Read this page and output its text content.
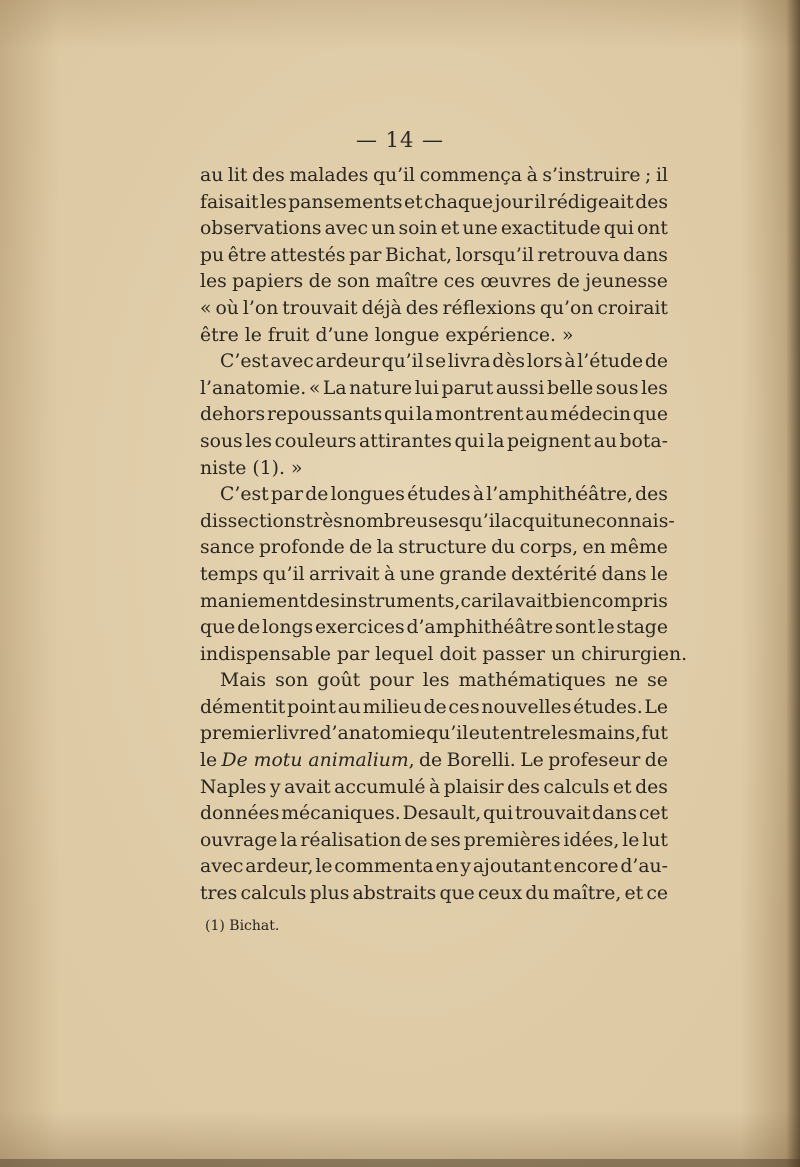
— 14 —
au lit des malades qu’il commença à s’instruire ; il
faisait les pansements et chaque jour il rédigeait des
observations avec un soin et une exactitude qui ont
pu être attestés par Bichat, lorsqu’il retrouva dans
les papiers de son maître ces œuvres de jeunesse
« où l’on trouvait déjà des réflexions qu’on croirait
être
le
fruit
d’une
longue
expérience.
»
C’est avec ardeur qu’il se livra dès lors à l’étude de
l’anatomie. « La nature lui parut aussi belle sous les
dehors repoussants qui la montrent au médecin que
sous les couleurs attirantes qui la peignent au bota-
niste
(1).
»
C’est par de longues études à l’amphithéâtre, des
dissections très nombreuses qu’il acquit une connais-
sance profonde de la structure du corps, en même
temps qu’il arrivait à une grande dextérité dans le
maniement des instruments, car il avait bien compris
que de longs exercices d’amphithéâtre sont le stage
indispensable
par
lequel
doit
passer
un
chirurgien.
Mais son goût pour les mathématiques ne se
démentit point au milieu de ces nouvelles études. Le
premier livre d’anatomie qu’il eut entre les mains, fut
le De motu animalium, de Borelli. Le profeseur de
Naples y avait accumulé à plaisir des calculs et des
données mécaniques. Desault, qui trouvait dans cet
ouvrage la réalisation de ses premières idées, le lut
avec ardeur, le commenta en y ajoutant encore d’au-
tres calculs plus abstraits que ceux du maître, et ce
(1) Bichat.
